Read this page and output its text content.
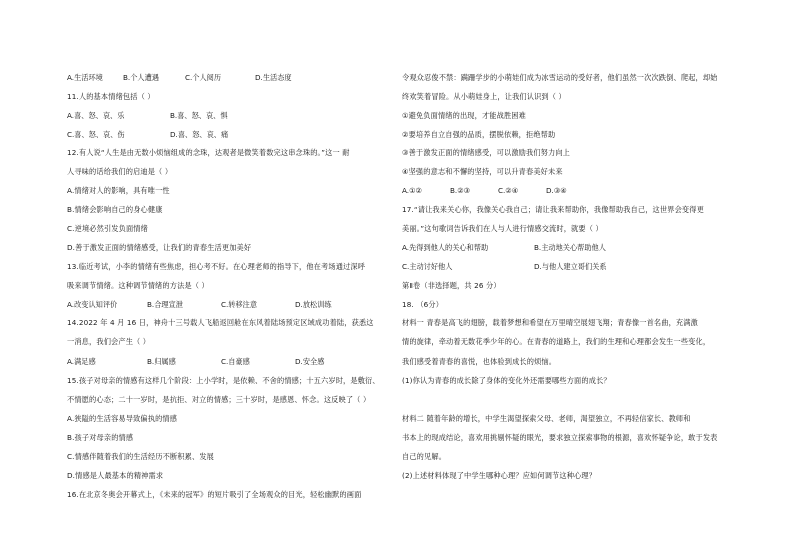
A.生活环境	B.个人遭遇	C.个人阅历	D.生活态度
11.人的基本情绪包括（ ）
A.喜、怒、哀、乐	B.喜、怒、哀、惧
C.喜、怒、哀、伤	D.喜、怒、哀、痛
12.有人说“人生是由无数小烦恼组成的念珠，达观者是微笑着数完这串念珠的。”这一 耐
人寻味的话给我们的启迪是（ ）
A.情绪对人的影响，具有唯一性
B.情绪会影响自己的身心健康
C.逆境必然引发负面情绪
D.善于激发正面的情绪感受，让我们的青春生活更加美好
13.临近考试，小李的情绪有些焦虑，担心考不好。在心理老师的指导下，他在考场通过深呼
吸来调节情绪。这种调节情绪的方法是（ ）
A.改变认知评价	B.合理宣泄	C.转移注意	D.放松训练
14.2022 年 4 月 16 日，神舟十三号载人飞船返回舱在东风着陆场预定区域成功着陆，获悉这
一消息，我们会产生（ ）
A.满足感	B.归属感	C.自豪感	D.安全感
15.孩子对母亲的情感有这样几个阶段：上小学时，是依赖、不舍的情感；十五六岁时，是敷衍、
不情愿的心态；二十一岁时，是抗拒、对立的情感；三十岁时，是感恩、怀念。这反映了（ ）
A.狭隘的生活容易导致偏执的情感
B.孩子对母亲的情感
C.情感伴随着我们的生活经历不断积累、发展
D.情感是人最基本的精神需求
16.在北京冬奥会开幕式上，《未来的冠军》的短片吸引了全场观众的目光，轻松幽默的画面
令观众忍俊不禁：蹒跚学步的小萌娃们成为冰雪运动的受好者，他们虽然一次次跌倒、爬起，却始
终欢笑着冒险。从小萌娃身上，让我们认识到（ ）
①避免负面情绪的出现，才能战胜困难
②要培养自立自强的品质，摆脱依赖，拒绝帮助
③善于激发正面的情绪感受，可以激励我们努力向上
④坚强的意志和不懈的坚持，可以升青春美好未来
A.①②	B.②③	C.②④	D.③④
17.“请让我来关心你，我像关心我自己；请让我来帮助你，我像帮助我自己，这世界会变得更
美丽。”这句歌词告诉我们在人与人进行情感交流时，就要（ ）
A.先得到他人的关心和帮助	B.主动地关心帮助他人
C.主动讨好他人	D.与他人建立哥们关系
第Ⅱ卷（非选择题，共 26 分）
18. （6分）
材料一 青春是高飞的翅膀，载着梦想和希望在万里晴空展翅飞翔；青春像一首名曲，充满激
情的旋律，牵动着无数花季少年的心。在青春的道路上，我们的生理和心理都会发生一些变化，
我们感受着青春的喜悦，也体验到成长的烦恼。
(1)你认为青春的成长除了身体的变化外还需要哪些方面的成长？
材料二 随着年龄的增长，中学生渴望探索父母、老师，渴望独立，不再轻信家长、教师和
书本上的现成结论，喜欢用挑剔怀疑的眼光，要求独立探索事物的根源，喜欢怀疑争论，敢于发表
自己的见解。
(2)上述材料体现了中学生哪种心理？应如何调节这种心理？
